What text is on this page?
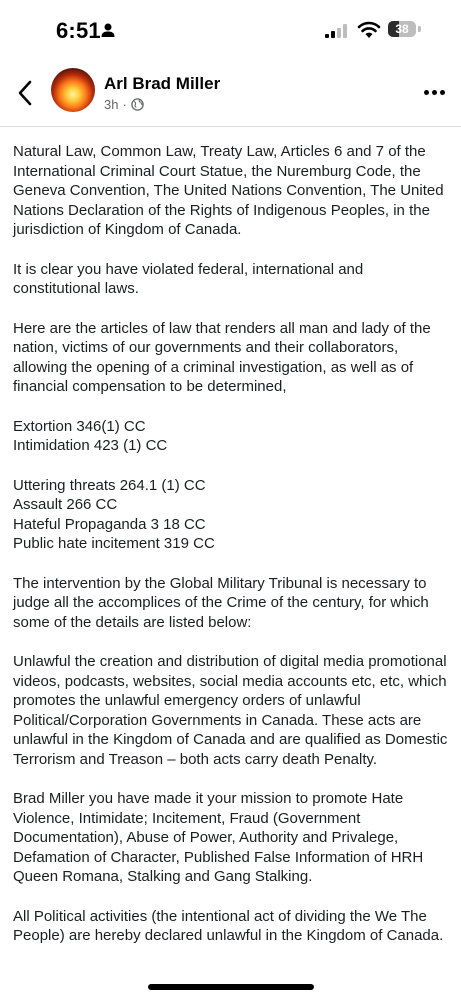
6:51	38
Arl Brad Miller
3h ·

Natural Law, Common Law, Treaty Law, Articles 6 and 7 of the International Criminal Court Statue, the Nuremburg Code, the Geneva Convention, The United Nations Convention, The United Nations Declaration of the Rights of Indigenous Peoples, in the jurisdiction of Kingdom of Canada.

It is clear you have violated federal, international and constitutional laws.

Here are the articles of law that renders all man and lady of the nation, victims of our governments and their collaborators, allowing the opening of a criminal investigation, as well as of financial compensation to be determined,

Extortion 346(1) CC
Intimidation 423 (1) CC

Uttering threats 264.1 (1) CC
Assault 266 CC
Hateful Propaganda 3 18 CC
Public hate incitement 319 CC

The intervention by the Global Military Tribunal is necessary to judge all the accomplices of the Crime of the century, for which some of the details are listed below:

Unlawful the creation and distribution of digital media promotional videos, podcasts, websites, social media accounts etc, etc, which promotes the unlawful emergency orders of unlawful Political/Corporation Governments in Canada. These acts are unlawful in the Kingdom of Canada and are qualified as Domestic Terrorism and Treason – both acts carry death Penalty.

Brad Miller you have made it your mission to promote Hate Violence, Intimidate; Incitement, Fraud (Government Documentation), Abuse of Power, Authority and Privalege, Defamation of Character, Published False Information of HRH Queen Romana, Stalking and Gang Stalking.

All Political activities (the intentional act of dividing the We The People) are hereby declared unlawful in the Kingdom of Canada.
